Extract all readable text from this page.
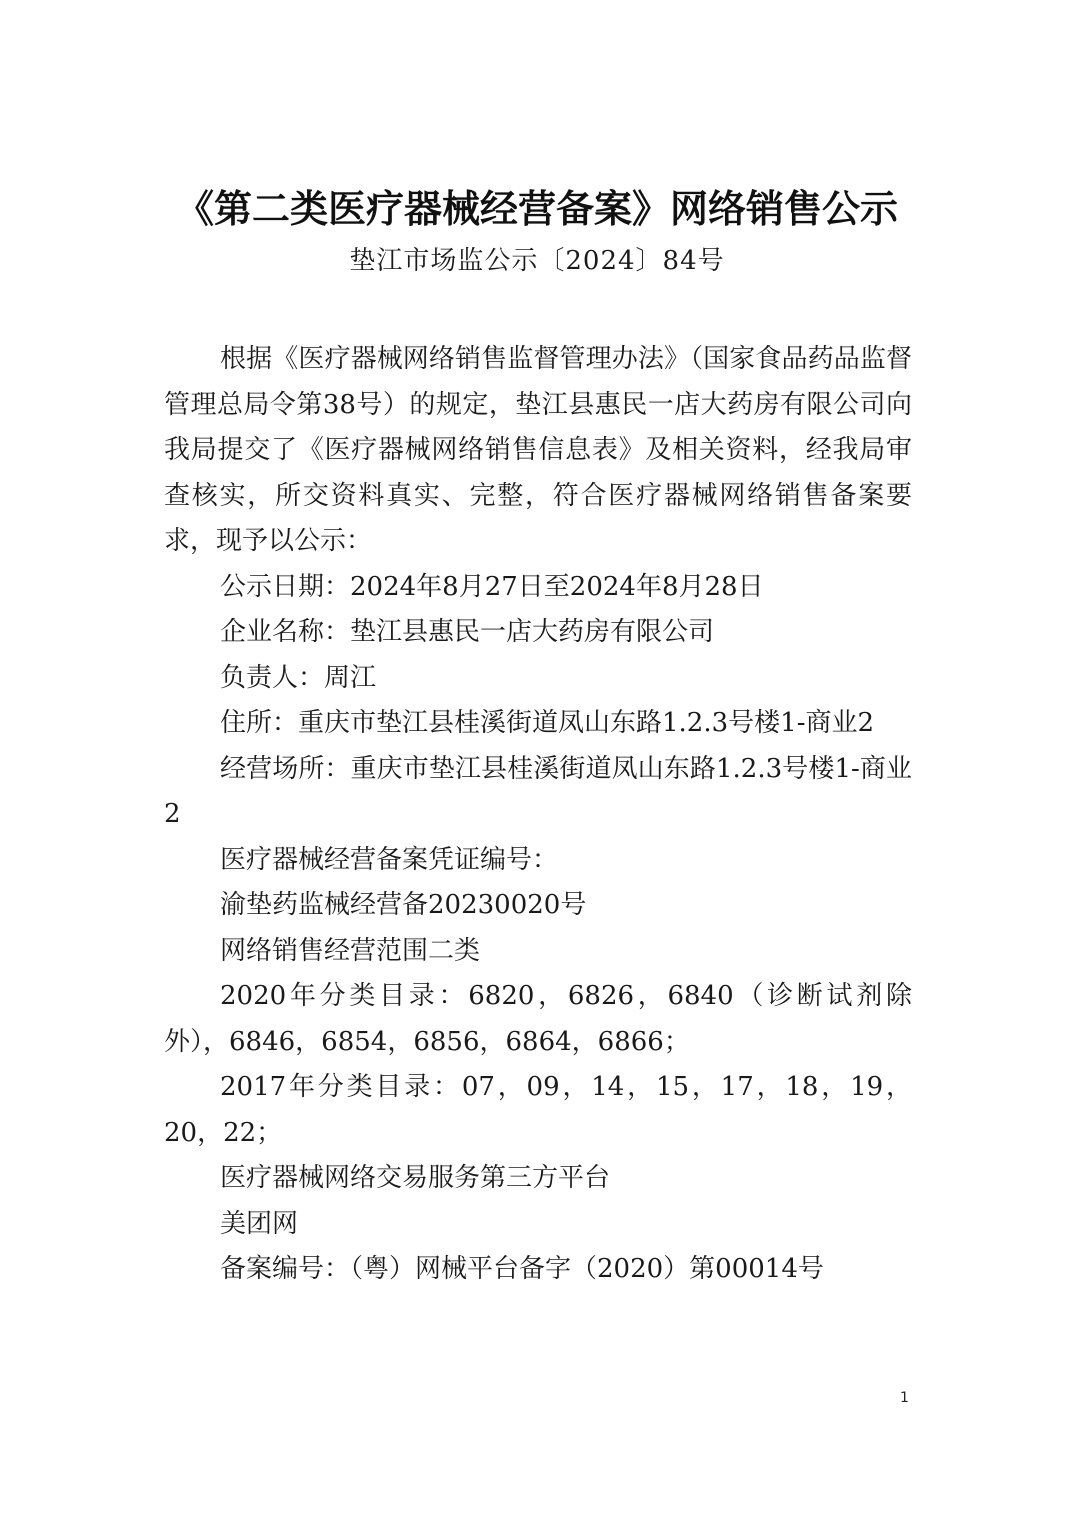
《第二类医疗器械经营备案》网络销售公示
垫江市场监公示〔2024〕84号

根据《医疗器械网络销售监督管理办法》（国家食品药品监督管理总局令第38号）的规定，垫江县惠民一店大药房有限公司向我局提交了《医疗器械网络销售信息表》及相关资料，经我局审查核实，所交资料真实、完整，符合医疗器械网络销售备案要求，现予以公示：

公示日期：2024年8月27日至2024年8月28日

企业名称：垫江县惠民一店大药房有限公司

负责人：周江

住所：重庆市垫江县桂溪街道凤山东路1.2.3号楼1-商业2

经营场所：重庆市垫江县桂溪街道凤山东路1.2.3号楼1-商业2

医疗器械经营备案凭证编号：

渝垫药监械经营备20230020号

网络销售经营范围二类

2020年分类目录：6820，6826，6840（诊断试剂除外），6846，6854，6856，6864，6866；

2017年分类目录：07，09，14，15，17，18，19，20，22；

医疗器械网络交易服务第三方平台

美团网

备案编号：（粤）网械平台备字（2020）第00014号

1
